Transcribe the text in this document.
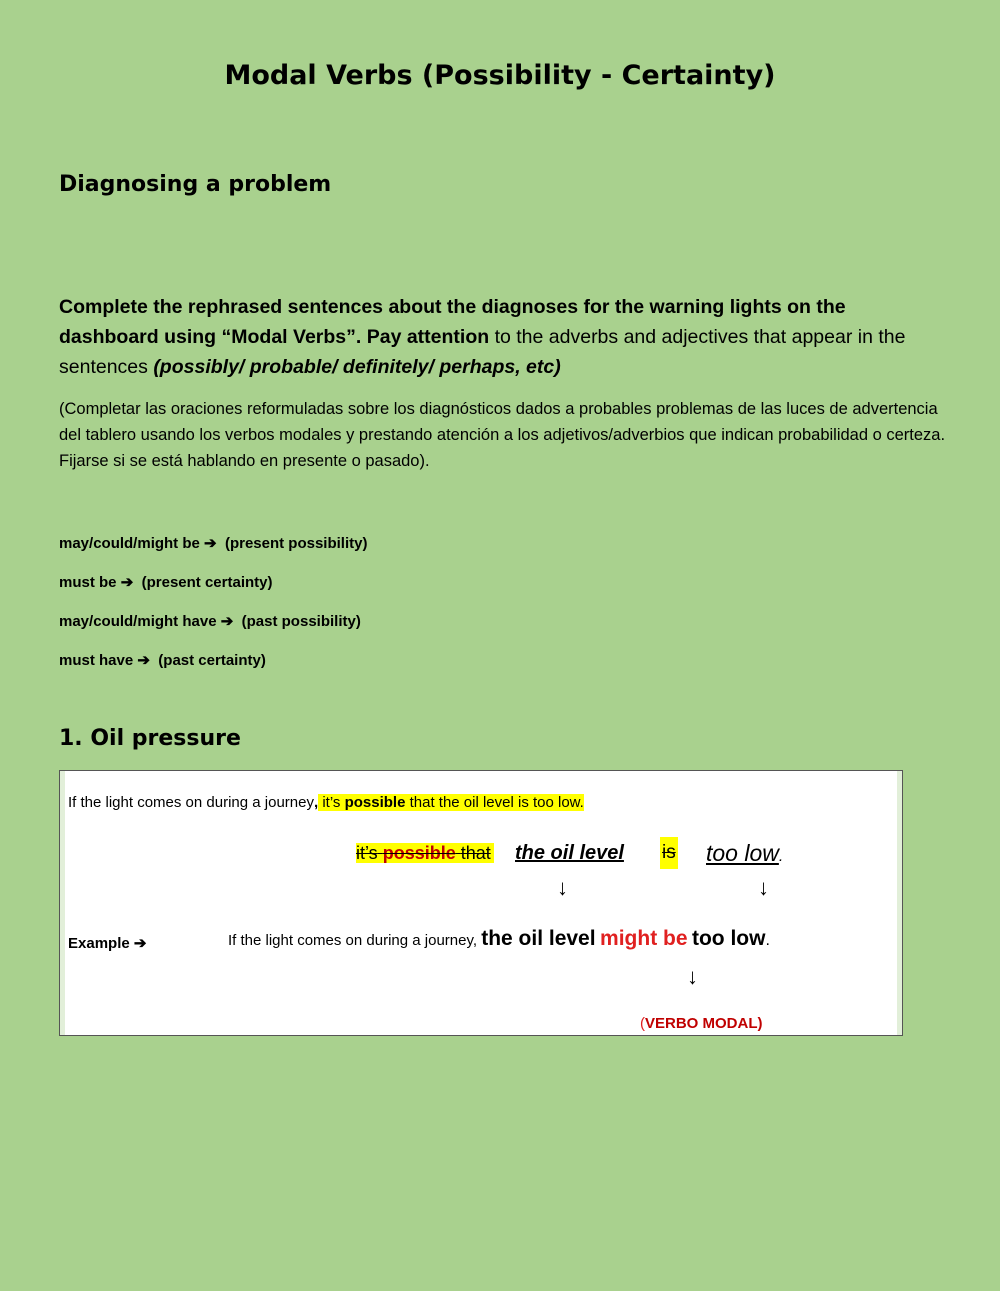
Modal Verbs (Possibility - Certainty)
Diagnosing a problem
Complete the rephrased sentences about the diagnoses for the warning lights on the dashboard using “Modal Verbs”. Pay attention to the adverbs and adjectives that appear in the sentences (possibly/ probable/ definitely/ perhaps, etc)
(Completar las oraciones reformuladas sobre los diagnósticos dados a probables problemas de las luces de advertencia del tablero usando los verbos modales y prestando atención a los adjetivos/adverbios que indican probabilidad o certeza. Fijarse si se está hablando en presente o pasado).
may/could/might be ➔ (present possibility)
must be ➔ (present certainty)
may/could/might have ➔ (past possibility)
must have ➔ (past certainty)
1. Oil pressure
If the light comes on during a journey, it’s possible that the oil level is too low.
it’s possible that the oil level is too low.
↓	↓
Example ➔	If the light comes on during a journey, the oil level might be too low.
↓
(VERBO MODAL)
